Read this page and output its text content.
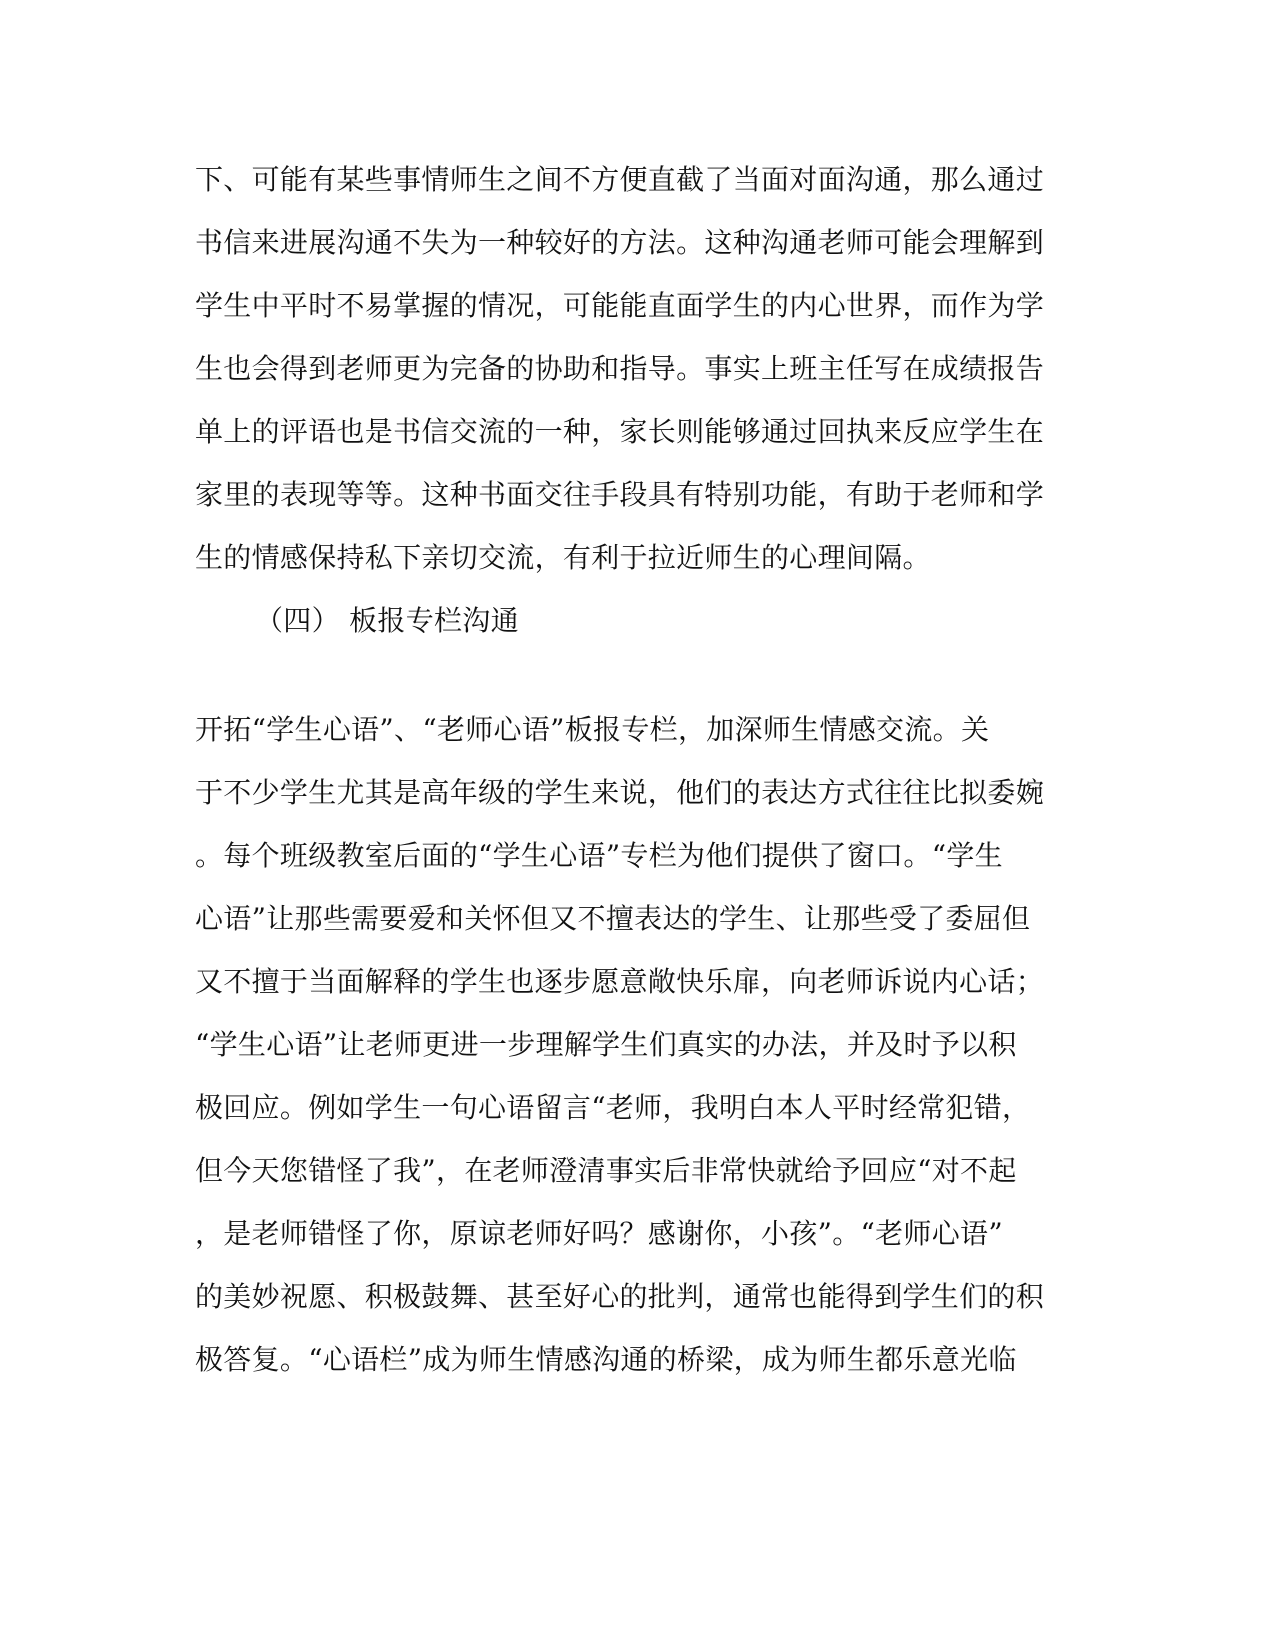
下、可能有某些事情师生之间不方便直截了当面对面沟通，那么通过
书信来进展沟通不失为一种较好的方法。这种沟通老师可能会理解到
学生中平时不易掌握的情况，可能能直面学生的内心世界，而作为学
生也会得到老师更为完备的协助和指导。事实上班主任写在成绩报告
单上的评语也是书信交流的一种，家长则能够通过回执来反应学生在
家里的表现等等。这种书面交往手段具有特别功能，有助于老师和学
生的情感保持私下亲切交流，有利于拉近师生的心理间隔。
（四） 板报专栏沟通
开拓“学生心语”、“老师心语”板报专栏，加深师生情感交流。关
于不少学生尤其是高年级的学生来说，他们的表达方式往往比拟委婉
。每个班级教室后面的“学生心语”专栏为他们提供了窗口。“学生
心语”让那些需要爱和关怀但又不擅表达的学生、让那些受了委屈但
又不擅于当面解释的学生也逐步愿意敞快乐扉，向老师诉说内心话；
“学生心语”让老师更进一步理解学生们真实的办法，并及时予以积
极回应。例如学生一句心语留言“老师，我明白本人平时经常犯错，
但今天您错怪了我”，在老师澄清事实后非常快就给予回应“对不起
，是老师错怪了你，原谅老师好吗？感谢你，小孩”。“老师心语”
的美妙祝愿、积极鼓舞、甚至好心的批判，通常也能得到学生们的积
极答复。“心语栏”成为师生情感沟通的桥梁，成为师生都乐意光临
